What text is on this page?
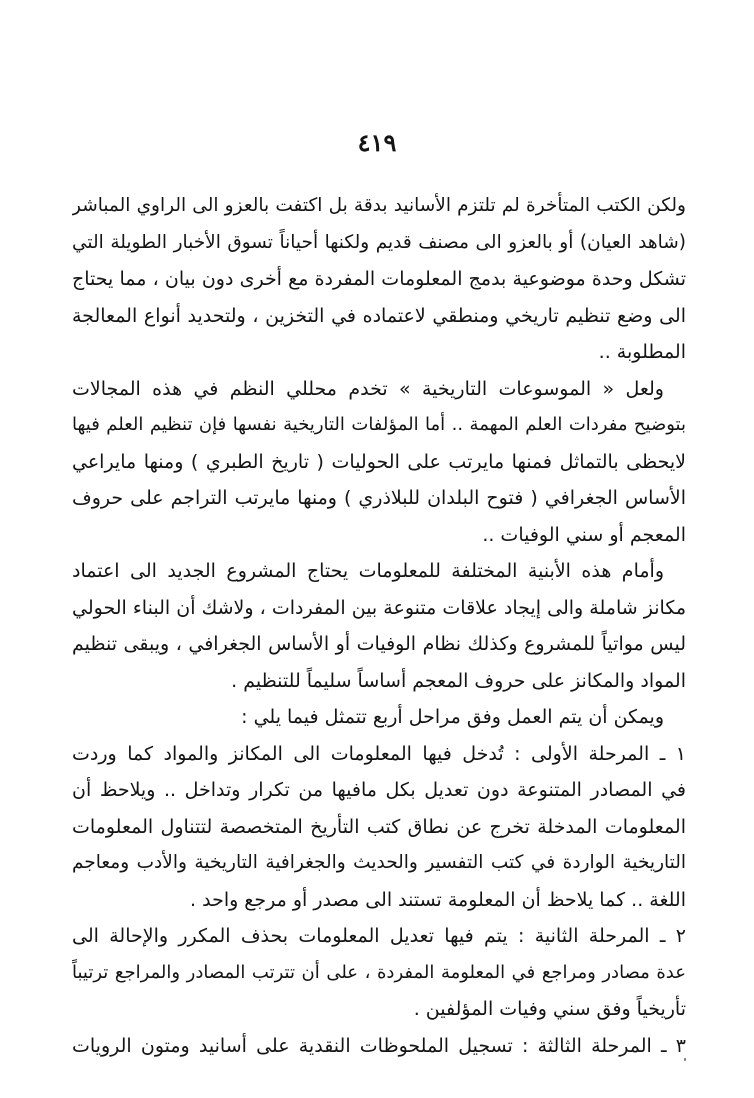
٤١٩
ولكن الكتب المتأخرة لم تلتزم الأسانيد بدقة بل اكتفت بالعزو الى الراوي المباشر
(شاهد العيان) أو بالعزو الى مصنف قديم ولكنها أحياناً تسوق الأخبار الطويلة التي
تشكل وحدة موضوعية بدمج المعلومات المفردة مع أخرى دون بيان ، مما يحتاج
الى وضع تنظيم تاريخي ومنطقي لاعتماده في التخزين ، ولتحديد أنواع المعالجة
المطلوبة ..
ولعل « الموسوعات التاريخية » تخدم محللي النظم في هذه المجالات
بتوضيح مفردات العلم المهمة .. أما المؤلفات التاريخية نفسها فإن تنظيم العلم فيها
لايحظى بالتماثل فمنها مايرتب على الحوليات ( تاريخ الطبري ) ومنها مايراعي
الأساس الجغرافي ( فتوح البلدان للبلاذري ) ومنها مايرتب التراجم على حروف
المعجم أو سني الوفيات ..
وأمام هذه الأبنية المختلفة للمعلومات يحتاج المشروع الجديد الى اعتماد
مكانز شاملة والى إيجاد علاقات متنوعة بين المفردات ، ولاشك أن البناء الحولي
ليس مواتياً للمشروع وكذلك نظام الوفيات أو الأساس الجغرافي ، ويبقى تنظيم
المواد والمكانز على حروف المعجم أساساً سليماً للتنظيم .
ويمكن أن يتم العمل وفق مراحل أربع تتمثل فيما يلي :
١ ـ المرحلة الأولى : تُدخل فيها المعلومات الى المكانز والمواد كما وردت
في المصادر المتنوعة دون تعديل بكل مافيها من تكرار وتداخل .. ويلاحظ أن
المعلومات المدخلة تخرج عن نطاق كتب التأريخ المتخصصة لتتناول المعلومات
التاريخية الواردة في كتب التفسير والحديث والجغرافية التاريخية والأدب ومعاجم
اللغة .. كما يلاحظ أن المعلومة تستند الى مصدر أو مرجع واحد .
٢ ـ المرحلة الثانية : يتم فيها تعديل المعلومات بحذف المكرر والإحالة الى
عدة مصادر ومراجع في المعلومة المفردة ، على أن تترتب المصادر والمراجع ترتيباً
تأريخياً وفق سني وفيات المؤلفين .
٣ ـ المرحلة الثالثة : تسجيل الملحوظات النقدية على أسانيد ومتون الرويات
